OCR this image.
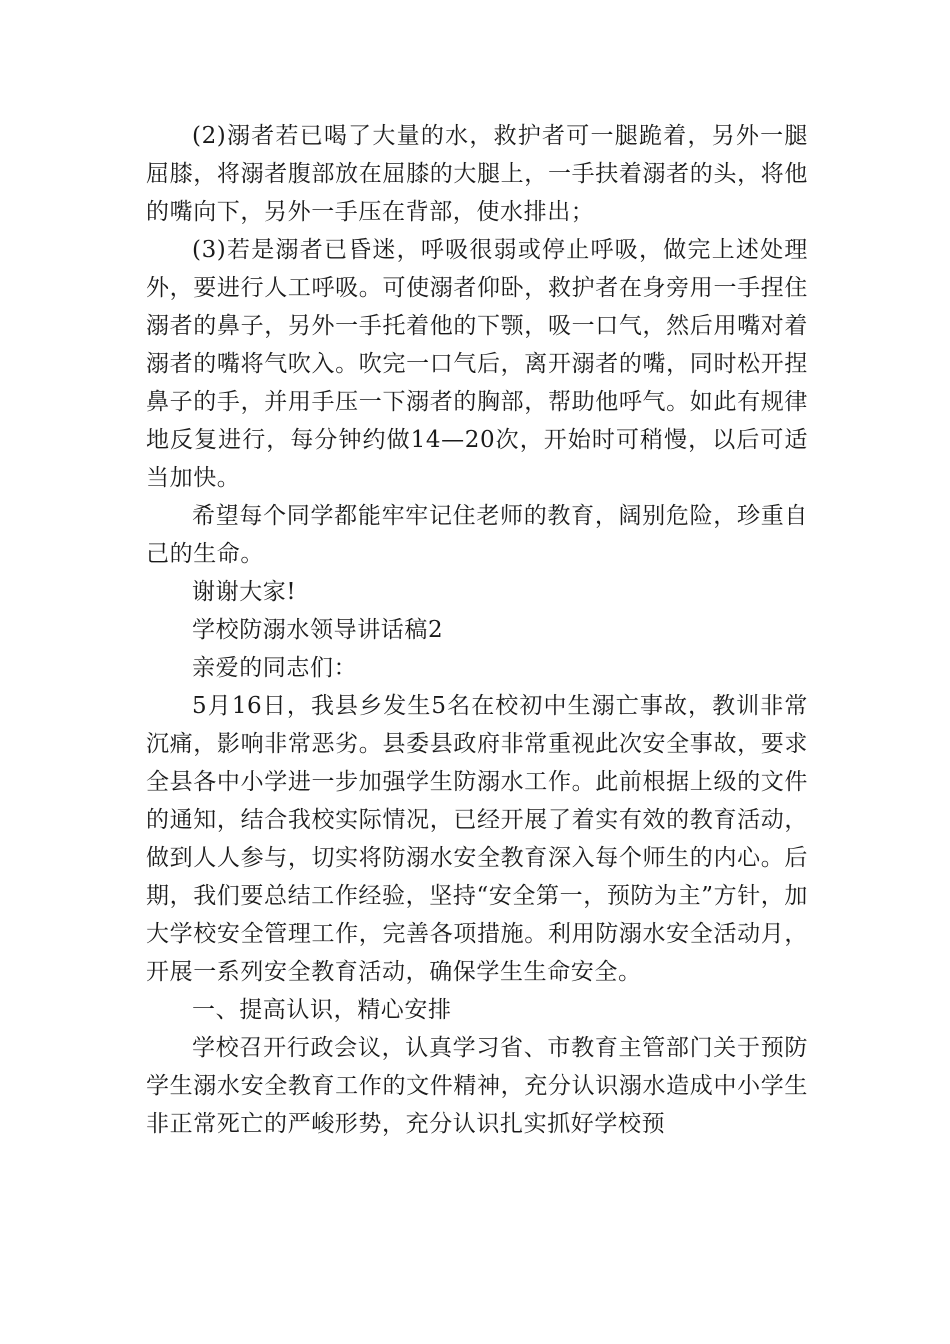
(2)溺者若已喝了大量的水，救护者可一腿跪着，另外一腿屈膝，将溺者腹部放在屈膝的大腿上，一手扶着溺者的头，将他的嘴向下，另外一手压在背部，使水排出；

(3)若是溺者已昏迷，呼吸很弱或停止呼吸，做完上述处理外，要进行人工呼吸。可使溺者仰卧，救护者在身旁用一手捏住溺者的鼻子，另外一手托着他的下颚，吸一口气，然后用嘴对着溺者的嘴将气吹入。吹完一口气后，离开溺者的嘴，同时松开捏鼻子的手，并用手压一下溺者的胸部，帮助他呼气。如此有规律地反复进行，每分钟约做14—20次，开始时可稍慢，以后可适当加快。

希望每个同学都能牢牢记住老师的教育，阔别危险，珍重自己的生命。

谢谢大家!

学校防溺水领导讲话稿2

亲爱的同志们：

5月16日，我县乡发生5名在校初中生溺亡事故，教训非常沉痛，影响非常恶劣。县委县政府非常重视此次安全事故，要求全县各中小学进一步加强学生防溺水工作。此前根据上级的文件的通知，结合我校实际情况，已经开展了着实有效的教育活动，做到人人参与，切实将防溺水安全教育深入每个师生的内心。后期，我们要总结工作经验，坚持“安全第一，预防为主”方针，加大学校安全管理工作，完善各项措施。利用防溺水安全活动月，开展一系列安全教育活动，确保学生生命安全。

一、提高认识，精心安排

学校召开行政会议，认真学习省、市教育主管部门关于预防学生溺水安全教育工作的文件精神，充分认识溺水造成中小学生非正常死亡的严峻形势，充分认识扎实抓好学校预
